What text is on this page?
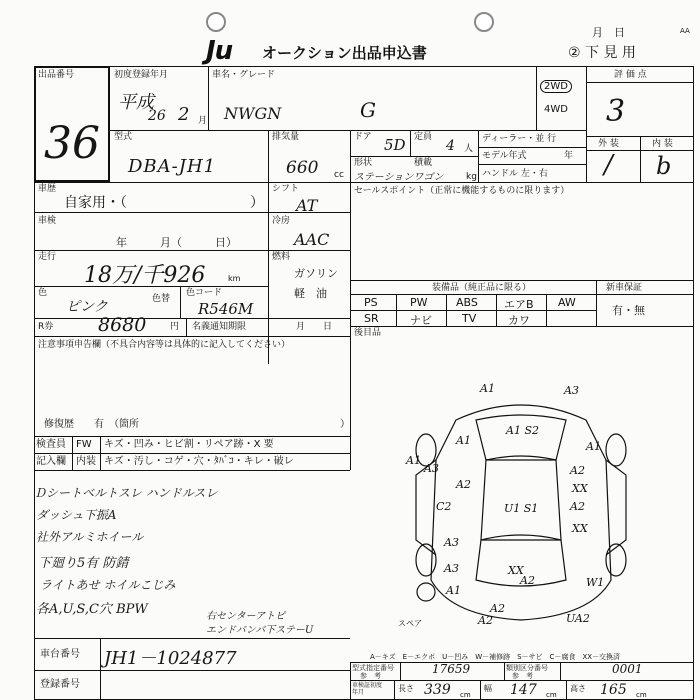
Ju オークション出品申込書
月　日	AA
② 下 見 用
出品番号
36
初度登録年月
平成
26 2 月
車名・グレード
NWGN	G
2WD
4WD
評 価 点
3
型式
DBA-JH1
排気量
660 cc
ドア 5D 定員
4 人
形状
ステーションワゴン
積載
kg
ディーラー・並 行
モデル年式	年
ハンドル 左・右
外 装	内 装
/ b
車歴
自家用・（	）
シフト
AT
セールスポイント（正常に機能するものに限ります）
車検
年　　　月（　　　日）
冷房
AAC
走行
18万/千926	km
燃料
ガソリン
軽　油
色
ピンク	色替
色コード
R546M
装備品（純正品に限る）	新車保証
有・無
PS	PW	ABS エアB AW
SR	ナビ	TV	カワ
R券 8680	円 名義通知期限	月　　日
後目品
注意事項申告欄（不具合内容等は具体的に記入してください）
修復歴　　有　（箇所	）
検査員
記入欄
FW キズ・凹み・ヒビ割・リペア跡・X 要
内装 キズ・汚し・コゲ・穴・ﾀﾊﾞｺ・キレ・破レ
Ｄシートベルトスレ ハンドルスレ
ダッシュ下振A
社外アルミホイール
下廻り5有 防錆
ライトあせ ホイルこじみ
各A,U,S,C穴 BPW	右センターアトピ
エンドバンパ下ステーU
A1	A3
A1
A1 S2
A1
A1
A3
A2
A2
XX
C2	U1 S1	A2
A3
XX
XX
A2
A3
W1
A1
A2
A2
UA2
スペア
A－キズ　E－エクボ　U－凹み　W－補修跡　S－サビ　C－腐食　XX－交換済
車台番号 JH1－1024877
登録番号
型式指定番号
参　考	17659	類別区分番号
参　考	0001
車検証初度
年月	長さ 339 cm
幅 147 cm
高さ 165 cm
